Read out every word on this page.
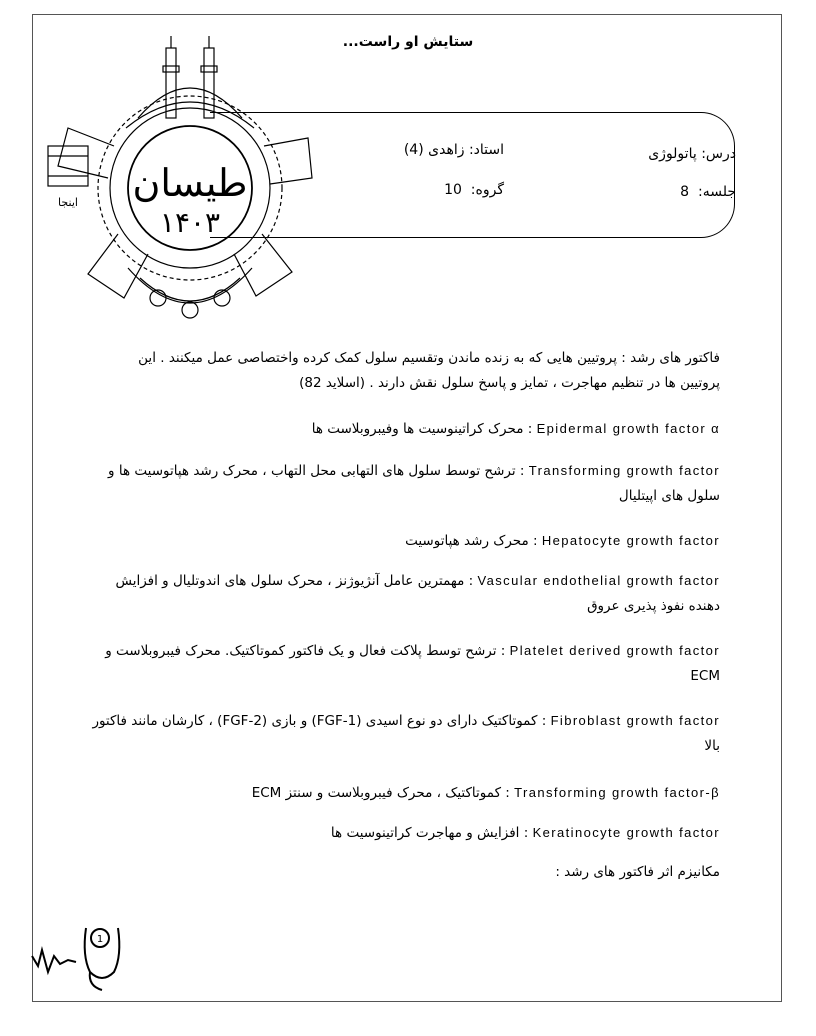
ستایش او راست...
طیسان
۱۴۰۳
اینجا
درس: پاتولوژی
استاد: زاهدی (4)
جلسه:  8
گروه:  10

فاکتور های رشد : پروتیین هایی که به زنده ماندن وتقسیم سلول کمک کرده واختصاصی عمل میکنند . این

پروتیین ها در تنظیم مهاجرت ، تمایز و پاسخ سلول نقش دارند . (اسلاید 82)

Epidermal growth factor α : محرک کراتینوسیت ها وفیبروبلاست ها

Transforming growth factor : ترشح توسط سلول های التهابی محل التهاب ، محرک رشد هپاتوسیت ها و سلول های اپیتلیال

Hepatocyte growth factor : محرک رشد هپاتوسیت

Vascular endothelial growth factor : مهمترین عامل آنژیوژنز ، محرک سلول های اندوتلیال و افزایش دهنده نفوذ پذیری عروق

Platelet derived growth factor : ترشح توسط پلاکت فعال و یک فاکتور کموتاکتیک. محرک فیبروبلاست و ECM

Fibroblast growth factor : کموتاکتیک دارای دو نوع اسیدی (FGF-1) و بازی (FGF-2) ، کارشان مانند فاکتور بالا

Transforming growth factor-β : کموتاکتیک ، محرک فیبروبلاست و سنتز ECM

Keratinocyte growth factor : افزایش و مهاجرت کراتینوسیت ها

مکانیزم اثر فاکتور های رشد :
1
